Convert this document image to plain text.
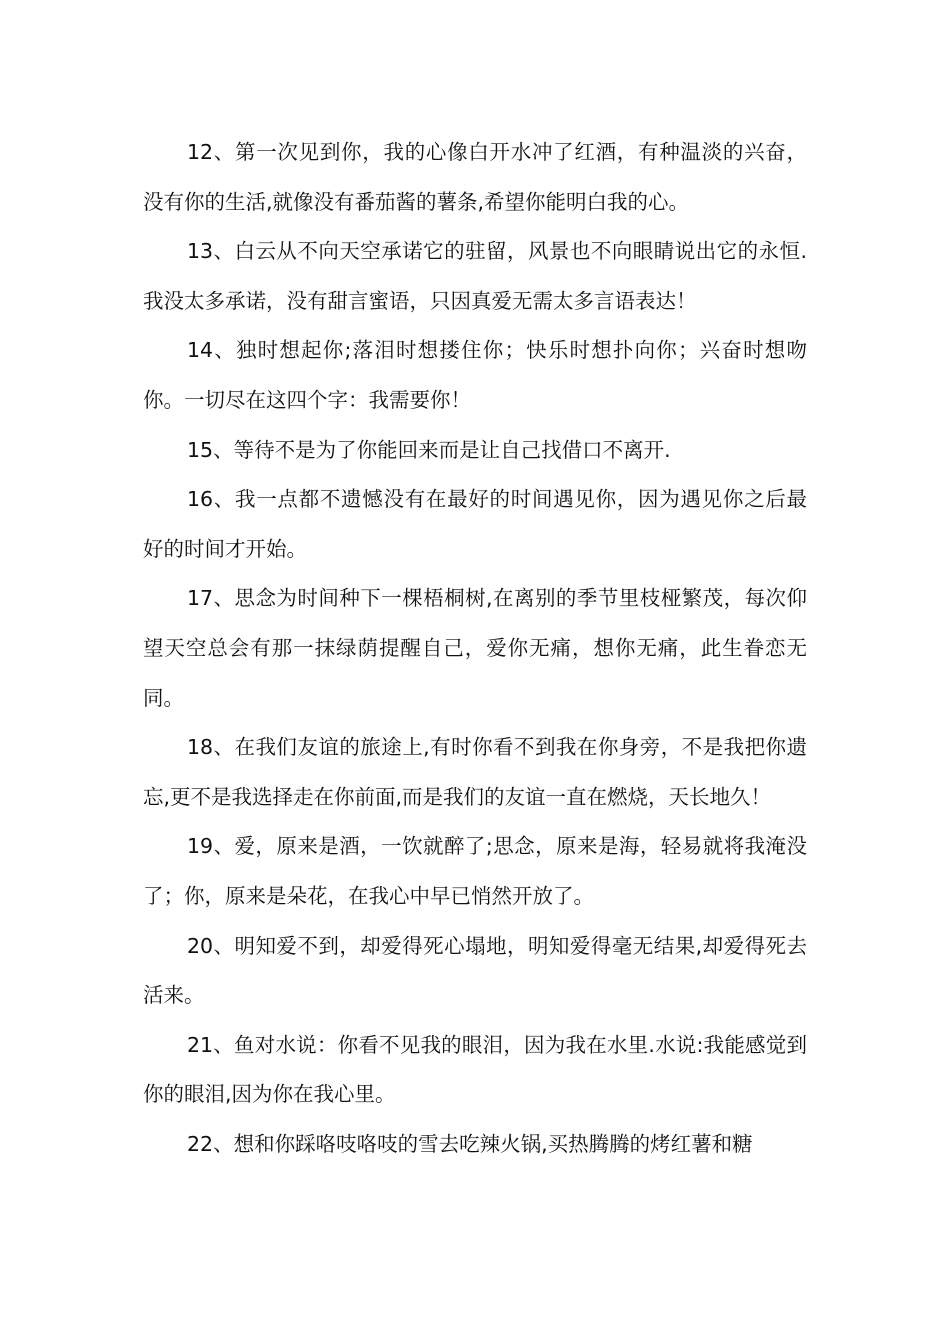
12、第一次见到你，我的心像白开水冲了红酒，有种温淡的兴奋，没有你的生活,就像没有番茄酱的薯条,希望你能明白我的心。

13、白云从不向天空承诺它的驻留，风景也不向眼睛说出它的永恒.我没太多承诺，没有甜言蜜语，只因真爱无需太多言语表达！

14、独时想起你;落泪时想搂住你；快乐时想扑向你；兴奋时想吻你。一切尽在这四个字：我需要你！

15、等待不是为了你能回来而是让自己找借口不离开.

16、我一点都不遗憾没有在最好的时间遇见你，因为遇见你之后最好的时间才开始。

17、思念为时间种下一棵梧桐树,在离别的季节里枝桠繁茂，每次仰望天空总会有那一抹绿荫提醒自己，爱你无痛，想你无痛，此生眷恋无同。

18、在我们友谊的旅途上,有时你看不到我在你身旁，不是我把你遗忘,更不是我选择走在你前面,而是我们的友谊一直在燃烧，天长地久！

19、爱，原来是酒，一饮就醉了;思念，原来是海，轻易就将我淹没了；你，原来是朵花，在我心中早已悄然开放了。

20、明知爱不到，却爱得死心塌地，明知爱得毫无结果,却爱得死去活来。

21、鱼对水说：你看不见我的眼泪，因为我在水里.水说:我能感觉到你的眼泪,因为你在我心里。

22、想和你踩咯吱咯吱的雪去吃辣火锅,买热腾腾的烤红薯和糖
